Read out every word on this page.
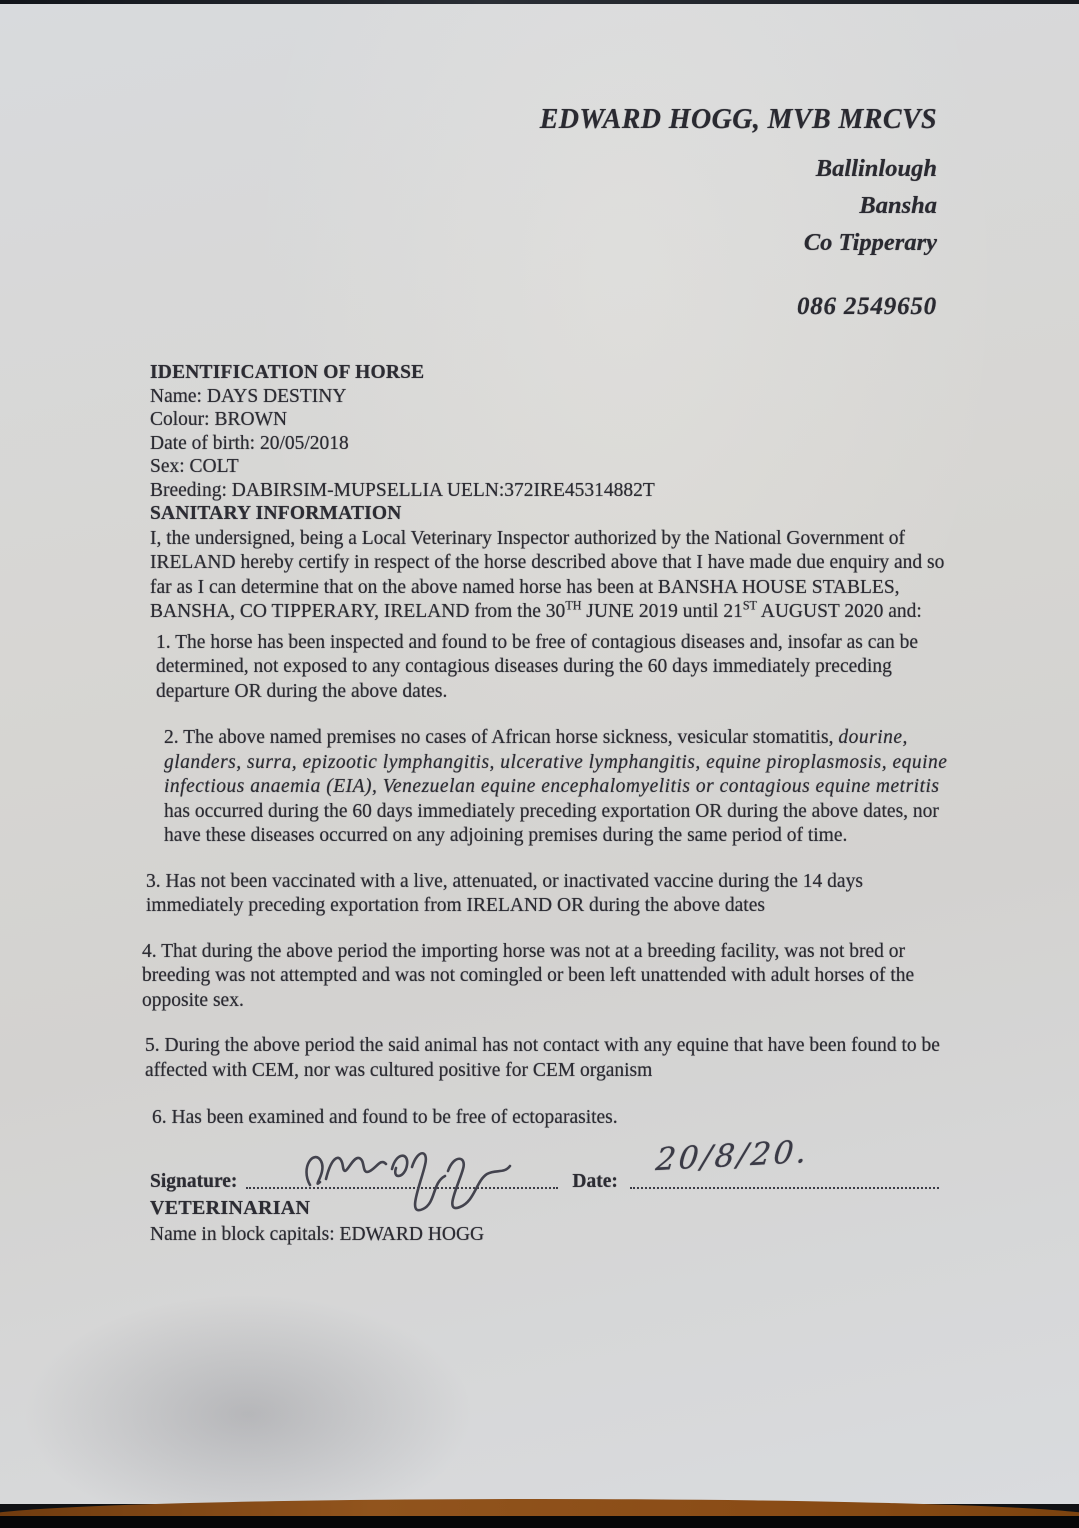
EDWARD HOGG, MVB MRCVS
Ballinlough
Bansha
Co Tipperary
086 2549650
IDENTIFICATION OF HORSE
Name: DAYS DESTINY
Colour: BROWN
Date of birth: 20/05/2018
Sex: COLT
Breeding: DABIRSIM-MUPSELLIA UELN:372IRE45314882T
SANITARY INFORMATION

I, the undersigned, being a Local Veterinary Inspector authorized by the National Government of IRELAND hereby certify in respect of the horse described above that I have made due enquiry and so far as I can determine that on the above named horse has been at BANSHA HOUSE STABLES, BANSHA, CO TIPPERARY, IRELAND from the 30TH JUNE 2019 until 21ST AUGUST 2020 and:

1. The horse has been inspected and found to be free of contagious diseases and, insofar as can be determined, not exposed to any contagious diseases during the 60 days immediately preceding departure OR during the above dates.

2. The above named premises no cases of African horse sickness, vesicular stomatitis, dourine, glanders, surra, epizootic lymphangitis, ulcerative lymphangitis, equine piroplasmosis, equine infectious anaemia (EIA), Venezuelan equine encephalomyelitis or contagious equine metritis has occurred during the 60 days immediately preceding exportation OR during the above dates, nor have these diseases occurred on any adjoining premises during the same period of time.

3. Has not been vaccinated with a live, attenuated, or inactivated vaccine during the 14 days immediately preceding exportation from IRELAND OR during the above dates

4. That during the above period the importing horse was not at a breeding facility, was not bred or breeding was not attempted and was not comingled or been left unattended with adult horses of the opposite sex.

5. During the above period the said animal has not contact with any equine that have been found to be affected with CEM, nor was cultured positive for CEM organism

6. Has been examined and found to be free of ectoparasites.

Signature:	Date:
20/8/20.
VETERINARIAN
Name in block capitals: EDWARD HOGG
